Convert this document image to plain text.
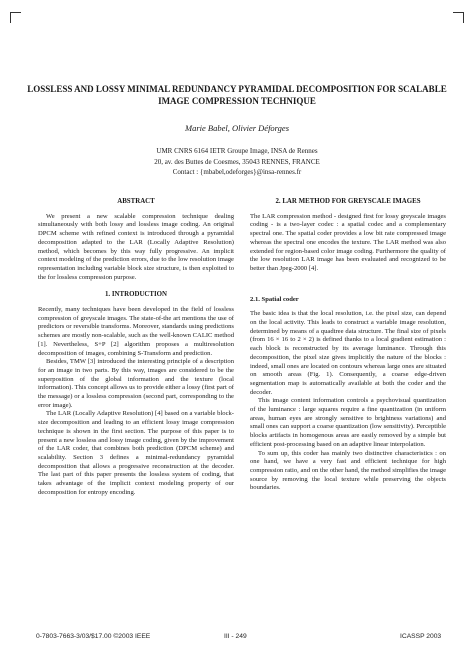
LOSSLESS AND LOSSY MINIMAL REDUNDANCY PYRAMIDAL DECOMPOSITION FOR SCALABLE IMAGE COMPRESSION TECHNIQUE
Marie Babel, Olivier Déforges
UMR CNRS 6164 IETR Groupe Image, INSA de Rennes
20, av. des Buttes de Coesmes, 35043 RENNES, FRANCE
Contact : {mbabel,odeforges}@insa-rennes.fr
ABSTRACT

We present a new scalable compression technique dealing simultaneously with both lossy and lossless image coding. An original DPCM scheme with refined context is introduced through a pyramidal decomposition adapted to the LAR (Locally Adaptive Resolution) method, which becomes by this way fully progressive. An implicit context modeling of the prediction errors, due to the low resolution image representation including variable block size structure, is then exploited to the for lossless compression purpose.

1. INTRODUCTION

Recently, many techniques have been developed in the field of lossless compression of greyscale images. The state-of-the art mentions the use of predictors or reversible transforms. Moreover, standards using predictions schemes are mostly non-scalable, such as the well-known CALIC method [1]. Nevertheless, S+P [2] algorithm proposes a multiresolution decomposition of images, combining S-Transform and prediction.

Besides, TMW [3] introduced the interesting principle of a description for an image in two parts. By this way, images are considered to be the superposition of the global information and the texture (local information). This concept allows us to provide either a lossy (first part of the message) or a lossless compression (second part, corresponding to the error image).

The LAR (Locally Adaptive Resolution) [4] based on a variable block-size decomposition and leading to an efficient lossy image compression technique is shown in the first section. The purpose of this paper is to present a new lossless and lossy image coding, given by the improvement of the LAR coder, that combines both prediction (DPCM scheme) and scalability. Section 3 defines a minimal-redundancy pyramidal decomposition that allows a progressive reconstruction at the decoder. The last part of this paper presents the lossless system of coding, that takes advantage of the implicit context modeling property of our decomposition for entropy encoding.

2. LAR METHOD FOR GREYSCALE IMAGES

The LAR compression method - designed first for lossy greyscale images coding - is a two-layer codec : a spatial codec and a complementary spectral one. The spatial coder provides a low bit rate compressed image whereas the spectral one encodes the texture. The LAR method was also extended for region-based color image coding. Furthermore the quality of the low resolution LAR image has been evaluated and recognized to be better than Jpeg-2000 [4].

2.1. Spatial coder

The basic idea is that the local resolution, i.e. the pixel size, can depend on the local activity. This leads to construct a variable image resolution, determined by means of a quadtree data structure. The final size of pixels (from 16 × 16 to 2 × 2) is defined thanks to a local gradient estimation : each block is reconstructed by its average luminance. Through this decomposition, the pixel size gives implicitly the nature of the blocks : indeed, small ones are located on contours whereas large ones are situated on smooth areas (Fig. 1). Consequently, a coarse edge-driven segmentation map is automatically available at both the coder and the decoder.

This image content information controls a psychovisual quantization of the luminance : large squares require a fine quantization (in uniform areas, human eyes are strongly sensitive to brightness variations) and small ones can support a coarse quantization (low sensitivity). Perceptible blocks artifacts in homogenous areas are easily removed by a simple but efficient post-processing based on an adaptive linear interpolation.

To sum up, this coder has mainly two distinctive characteristics : on one hand, we have a very fast and efficient technique for high compression ratio, and on the other hand, the method simplifies the image source by removing the local texture while preserving the objects boundaries.

0-7803-7663-3/03/$17.00 ©2003 IEEE	III - 249	ICASSP 2003
